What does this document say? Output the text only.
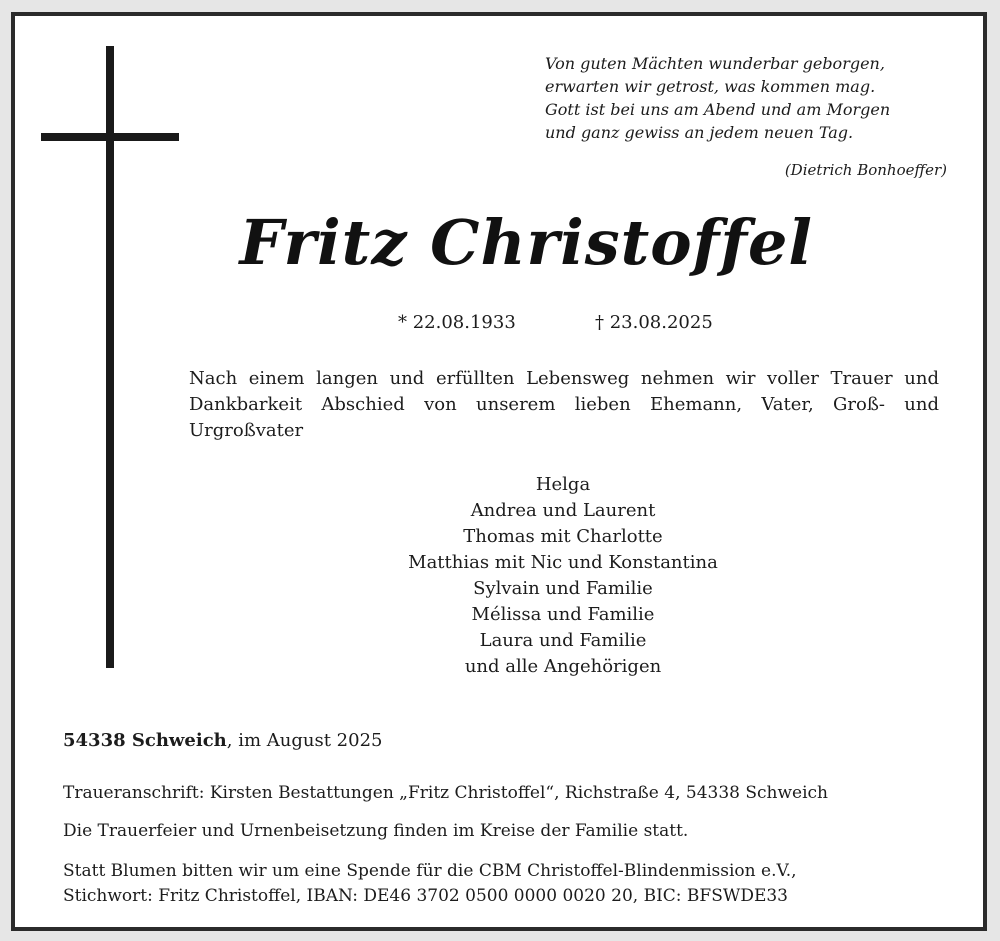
Von guten Mächten wunderbar geborgen,
erwarten wir getrost, was kommen mag.
Gott ist bei uns am Abend und am Morgen
und ganz gewiss an jedem neuen Tag.
(Dietrich Bonhoeffer)
Fritz Christoffel
* 22.08.1933	† 23.08.2025
Nach einem langen und erfüllten Lebensweg nehmen wir voller Trauer und Dankbarkeit Abschied von unserem lieben Ehemann, Vater, Groß- und Urgroßvater
Helga
Andrea und Laurent
Thomas mit Charlotte
Matthias mit Nic und Konstantina
Sylvain und Familie
Mélissa und Familie
Laura und Familie
und alle Angehörigen
54338 Schweich, im August 2025
Traueranschrift: Kirsten Bestattungen „Fritz Christoffel“, Richstraße 4, 54338 Schweich
Die Trauerfeier und Urnenbeisetzung finden im Kreise der Familie statt.
Statt Blumen bitten wir um eine Spende für die CBM Christoffel-Blindenmission e.V.,
Stichwort: Fritz Christoffel, IBAN: DE46 3702 0500 0000 0020 20, BIC: BFSWDE33
